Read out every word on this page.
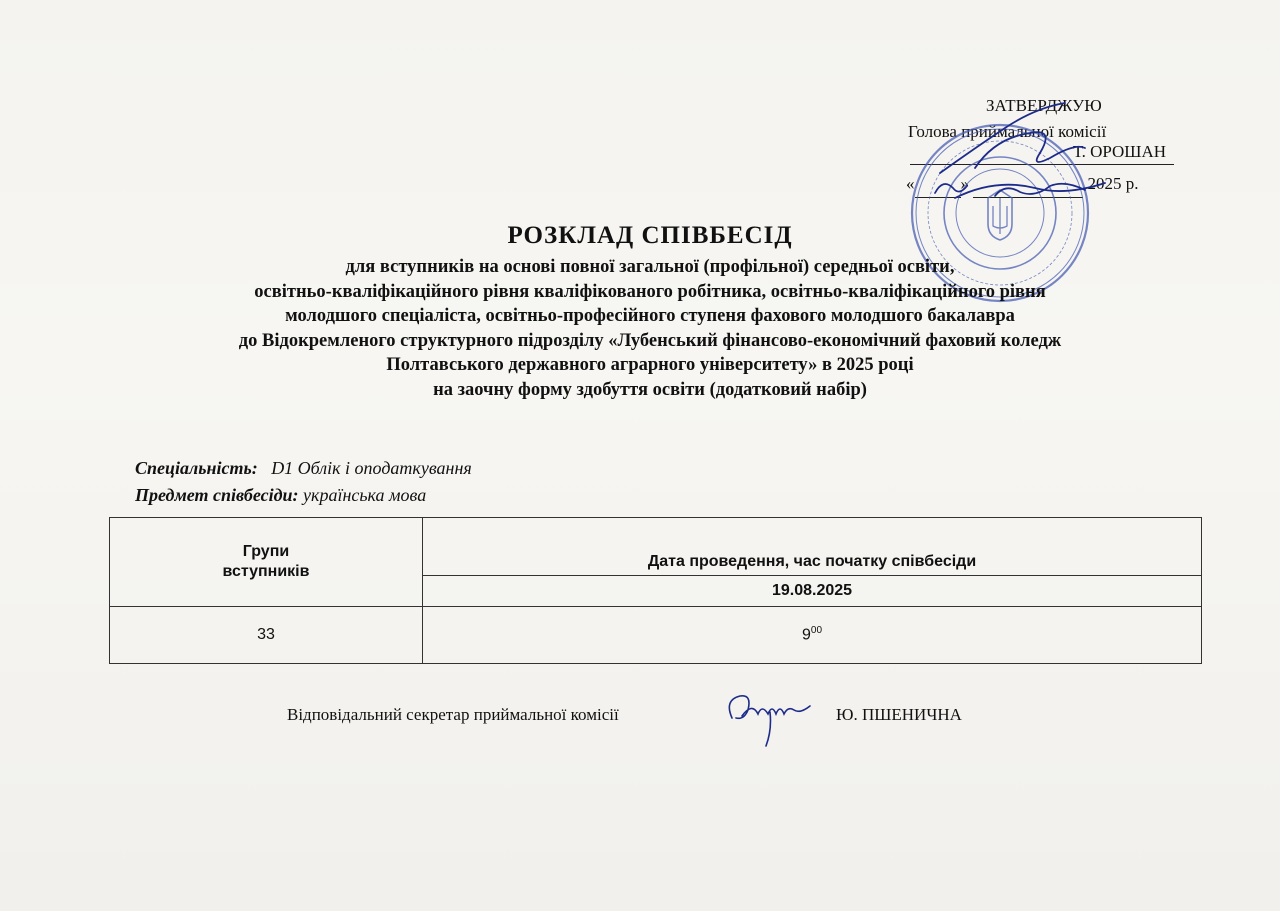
ЗАТВЕРДЖУЮ
Голова приймальної комісії
Т. ОРОШАН
«	»	2025 р.
РОЗКЛАД СПІВБЕСІД
для вступників на основі повної загальної (профільної) середньої освіти,
освітньо-кваліфікаційного рівня кваліфікованого робітника, освітньо-кваліфікаційного рівня
молодшого спеціаліста, освітньо-професійного ступеня фахового молодшого бакалавра
до Відокремленого структурного підрозділу «Лубенський фінансово-економічний фаховий коледж
Полтавського державного аграрного університету» в 2025 році
на заочну форму здобуття освіти (додатковий набір)
Спеціальність: D1 Облік і оподаткування
Предмет співбесіди: українська мова
Групи
вступників	Дата проведення, час початку співбесіди
	19.08.2025
33	$9^{00}$
Відповідальний секретар приймальної комісії	Ю. ПШЕНИЧНА
